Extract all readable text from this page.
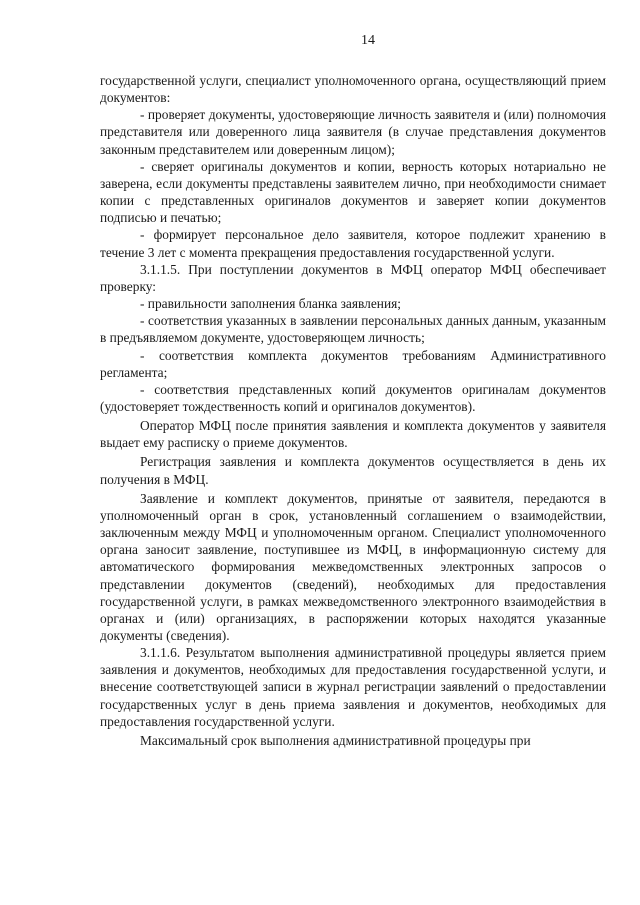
14

государственной услуги, специалист уполномоченного органа, осуществляющий прием документов:

- проверяет документы, удостоверяющие личность заявителя и (или) полномочия представителя или доверенного лица заявителя (в случае представления документов законным представителем или доверенным лицом);

- сверяет оригиналы документов и копии, верность которых нотариально не заверена, если документы представлены заявителем лично, при необходимости снимает копии с представленных оригиналов документов и заверяет копии документов подписью и печатью;

- формирует персональное дело заявителя, которое подлежит хранению в течение 3 лет с момента прекращения предоставления государственной услуги.

3.1.1.5. При поступлении документов в МФЦ оператор МФЦ обеспечивает проверку:

- правильности заполнения бланка заявления;

- соответствия указанных в заявлении персональных данных данным, указанным в предъявляемом документе, удостоверяющем личность;

- соответствия комплекта документов требованиям Административного регламента;

- соответствия представленных копий документов оригиналам документов (удостоверяет тождественность копий и оригиналов документов).

Оператор МФЦ после принятия заявления и комплекта документов у заявителя выдает ему расписку о приеме документов.

Регистрация заявления и комплекта документов осуществляется в день их получения в МФЦ.

Заявление и комплект документов, принятые от заявителя, передаются в уполномоченный орган в срок, установленный соглашением о взаимодействии, заключенным между МФЦ и уполномоченным органом. Специалист уполномоченного органа заносит заявление, поступившее из МФЦ, в информационную систему для автоматического формирования межведомственных электронных запросов о представлении документов (сведений), необходимых для предоставления государственной услуги, в рамках межведомственного электронного взаимодействия в органах и (или) организациях, в распоряжении которых находятся указанные документы (сведения).

3.1.1.6. Результатом выполнения административной процедуры является прием заявления и документов, необходимых для предоставления государственной услуги, и внесение соответствующей записи в журнал регистрации заявлений о предоставлении государственных услуг в день приема заявления и документов, необходимых для предоставления государственной услуги.

Максимальный срок выполнения административной процедуры при
